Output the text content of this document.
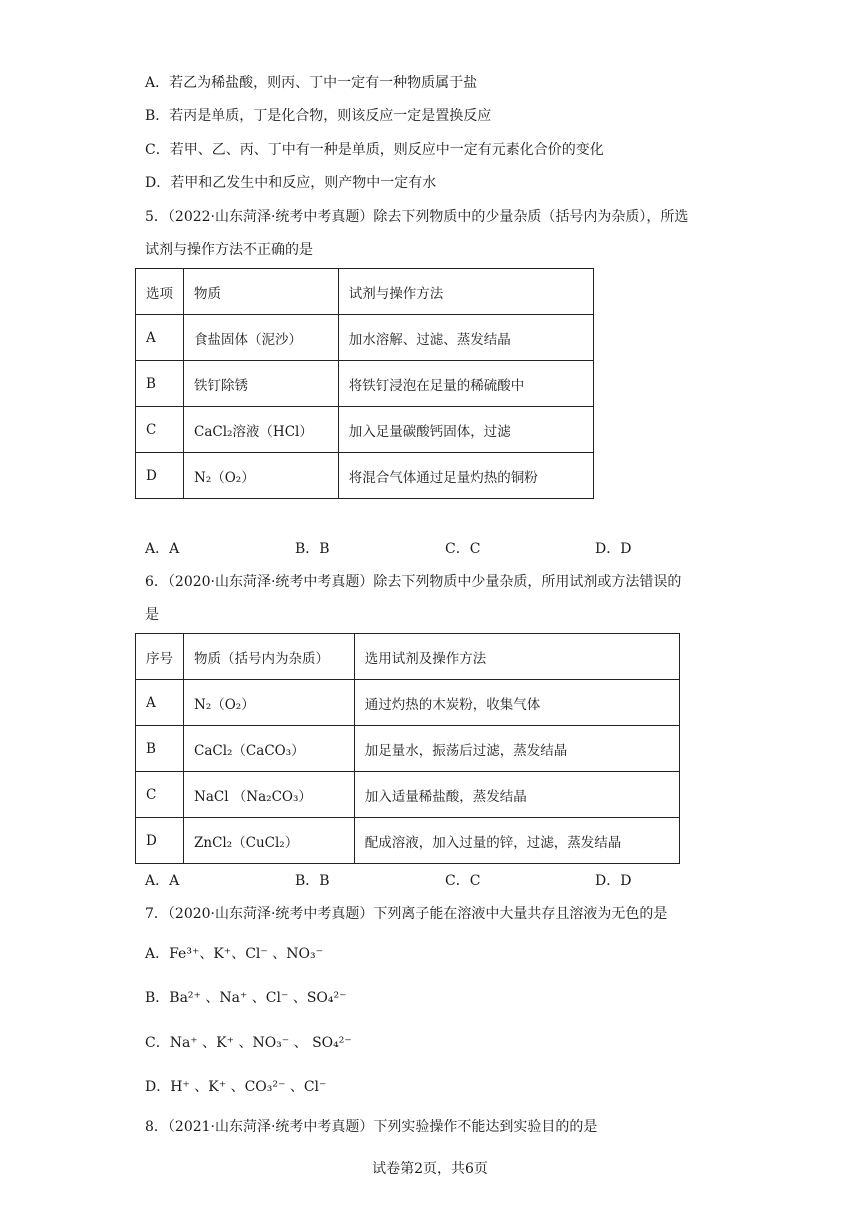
A．若乙为稀盐酸，则丙、丁中一定有一种物质属于盐
B．若丙是单质，丁是化合物，则该反应一定是置换反应
C．若甲、乙、丙、丁中有一种是单质，则反应中一定有元素化合价的变化
D．若甲和乙发生中和反应，则产物中一定有水
5．（2022·山东菏泽·统考中考真题）除去下列物质中的少量杂质（括号内为杂质），所选
试剂与操作方法不正确的是
选项	物质	试剂与操作方法
A	食盐固体（泥沙）	加水溶解、过滤、蒸发结晶
B	铁钉除锈	将铁钉浸泡在足量的稀硫酸中
C	CaCl₂溶液（HCl）	加入足量碳酸钙固体，过滤
D	N₂（O₂）	将混合气体通过足量灼热的铜粉
A．A	B．B	C．C	D．D
6．（2020·山东菏泽·统考中考真题）除去下列物质中少量杂质，所用试剂或方法错误的
是
序号	物质（括号内为杂质）	选用试剂及操作方法
A	N₂（O₂）	通过灼热的木炭粉，收集气体
B	CaCl₂（CaCO₃）	加足量水，振荡后过滤，蒸发结晶
C	NaCl （Na₂CO₃）	加入适量稀盐酸，蒸发结晶
D	ZnCl₂（CuCl₂）	配成溶液，加入过量的锌，过滤，蒸发结晶
A．A	B．B	C．C	D．D
7．（2020·山东菏泽·统考中考真题）下列离子能在溶液中大量共存且溶液为无色的是
A．Fe³⁺、K⁺、Cl⁻ 、NO₃⁻
B．Ba²⁺ 、Na⁺ 、Cl⁻ 、SO₄²⁻
C．Na⁺ 、K⁺ 、NO₃⁻ 、 SO₄²⁻
D．H⁺ 、K⁺ 、CO₃²⁻ 、Cl⁻
8．（2021·山东菏泽·统考中考真题）下列实验操作不能达到实验目的的是
试卷第2页，共6页
